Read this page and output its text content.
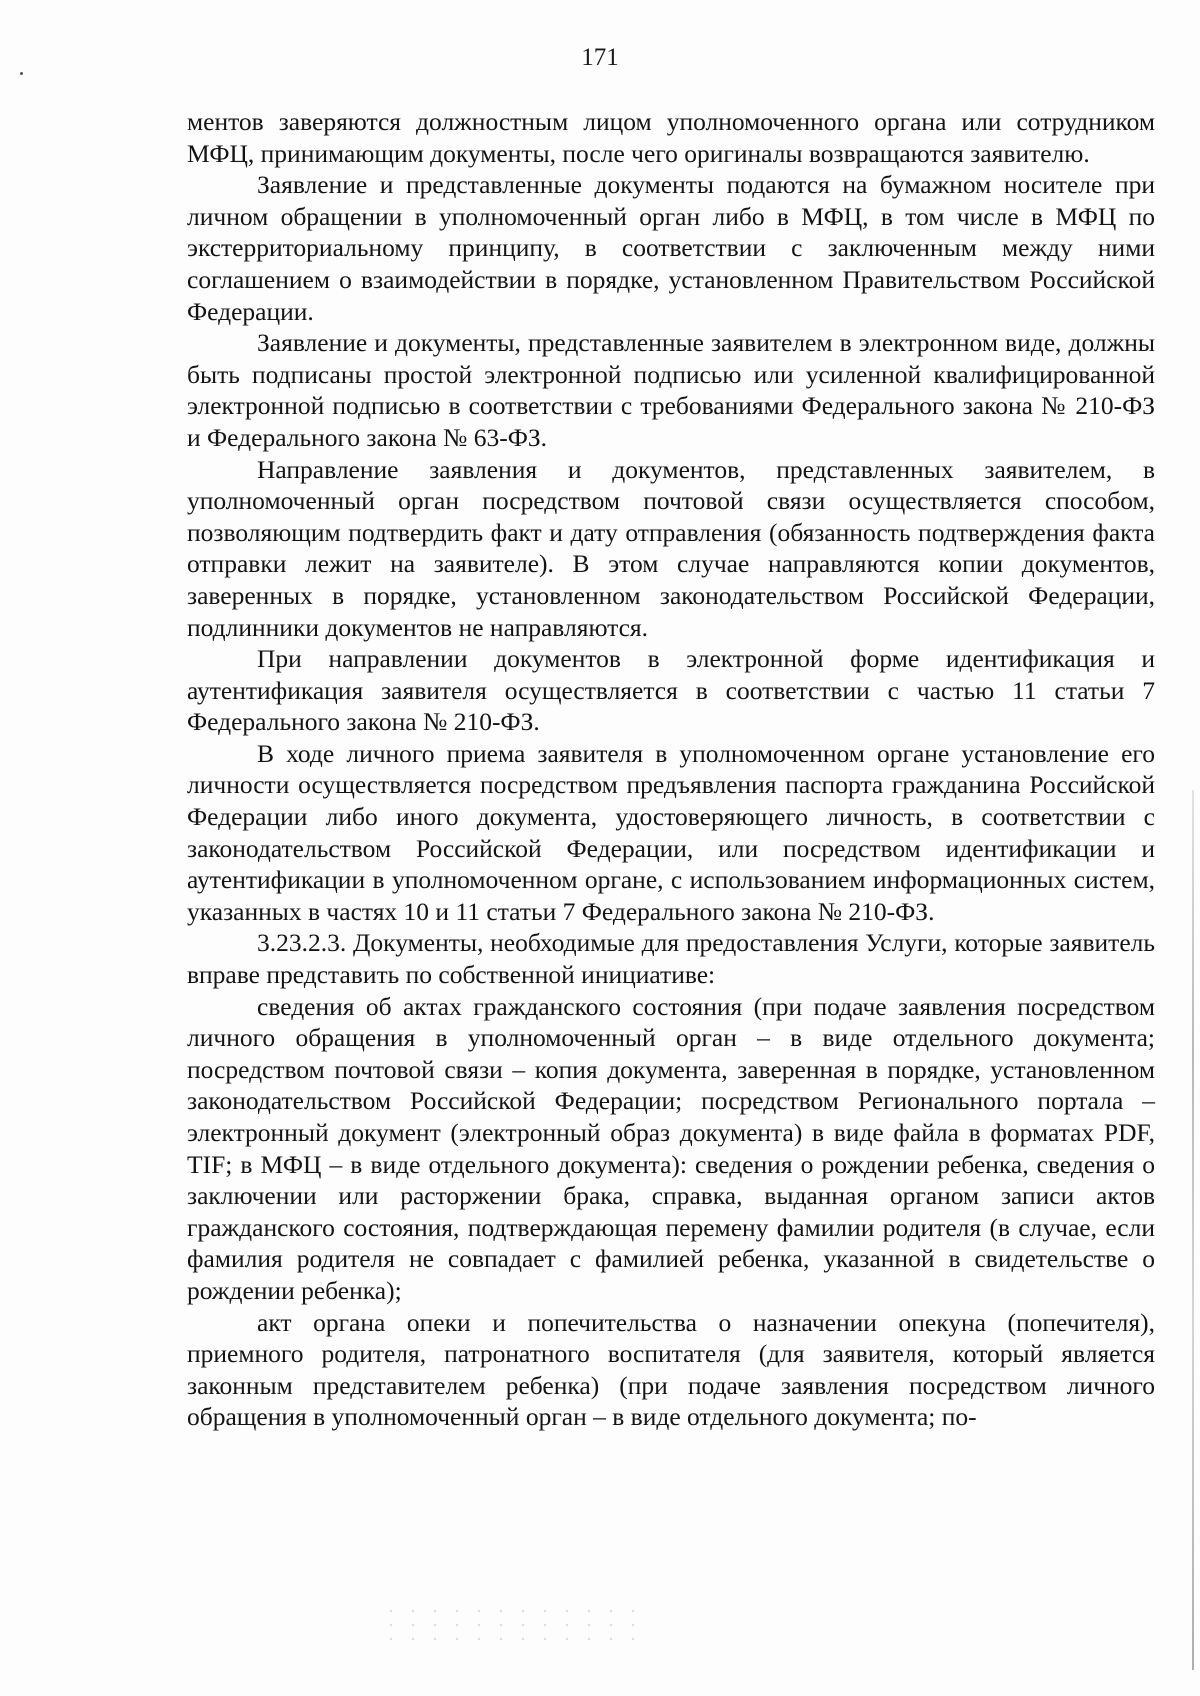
171

ментов заверяются должностным лицом уполномоченного органа или сотрудником МФЦ, принимающим документы, после чего оригиналы возвращаются заявителю.

Заявление и представленные документы подаются на бумажном носителе при личном обращении в уполномоченный орган либо в МФЦ, в том числе в МФЦ по экстерриториальному принципу, в соответствии с заключенным между ними соглашением о взаимодействии в порядке, установленном Правительством Российской Федерации.

Заявление и документы, представленные заявителем в электронном виде, должны быть подписаны простой электронной подписью или усиленной квалифицированной электронной подписью в соответствии с требованиями Федерального закона № 210-ФЗ и Федерального закона № 63-ФЗ.

Направление заявления и документов, представленных заявителем, в уполномоченный орган посредством почтовой связи осуществляется способом, позволяющим подтвердить факт и дату отправления (обязанность подтверждения факта отправки лежит на заявителе). В этом случае направляются копии документов, заверенных в порядке, установленном законодательством Российской Федерации, подлинники документов не направляются.

При направлении документов в электронной форме идентификация и аутентификация заявителя осуществляется в соответствии с частью 11 статьи 7 Федерального закона № 210-ФЗ.

В ходе личного приема заявителя в уполномоченном органе установление его личности осуществляется посредством предъявления паспорта гражданина Российской Федерации либо иного документа, удостоверяющего личность, в соответствии с законодательством Российской Федерации, или посредством идентификации и аутентификации в уполномоченном органе, с использованием информационных систем, указанных в частях 10 и 11 статьи 7 Федерального закона № 210-ФЗ.

3.23.2.3. Документы, необходимые для предоставления Услуги, которые заявитель вправе представить по собственной инициативе:

сведения об актах гражданского состояния (при подаче заявления посредством личного обращения в уполномоченный орган – в виде отдельного документа; посредством почтовой связи – копия документа, заверенная в порядке, установленном законодательством Российской Федерации; посредством Регионального портала – электронный документ (электронный образ документа) в виде файла в форматах PDF, TIF; в МФЦ – в виде отдельного документа): сведения о рождении ребенка, сведения о заключении или расторжении брака, справка, выданная органом записи актов гражданского состояния, подтверждающая перемену фамилии родителя (в случае, если фамилия родителя не совпадает с фамилией ребенка, указанной в свидетельстве о рождении ребенка);

акт органа опеки и попечительства о назначении опекуна (попечителя), приемного родителя, патронатного воспитателя (для заявителя, который является законным представителем ребенка) (при подаче заявления посредством личного обращения в уполномоченный орган – в виде отдельного документа; по-
